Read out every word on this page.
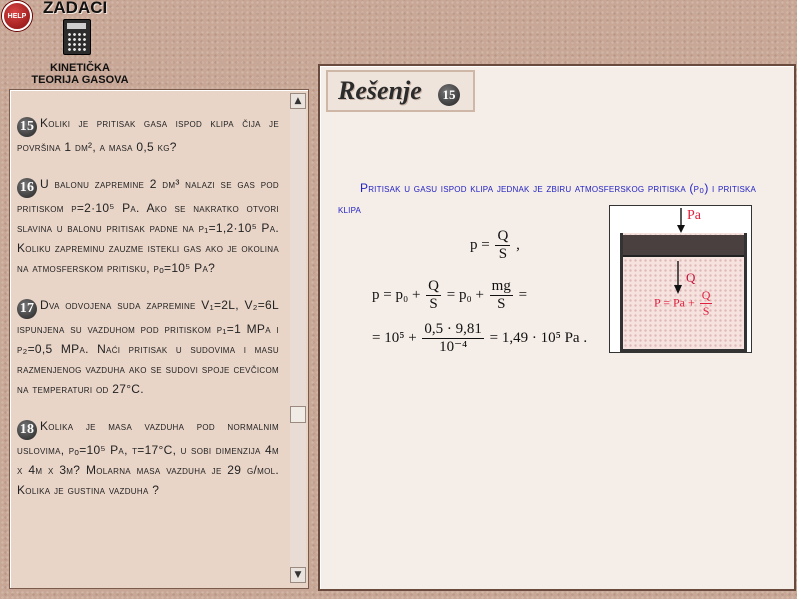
HELP ZADACI
KINETIČKA
TEORIJA GASOVA
15 Koliki je pritisak gasa ispod klipa čija je površina 1 dm², a masa 0,5 kg?
16 U balonu zapremine 2 dm³ nalazi se gas pod pritiskom p=2·10⁵ Pa. Ako se nakratko otvori slavina u balonu pritisak padne na p₁=1,2·10⁵ Pa. Koliku zapreminu zauzme istekli gas ako je okolina na atmosferskom pritisku, pₒ=10⁵ Pa?
17 Dva odvojena suda zapremine V₁=2L, V₂=6L ispunjena su vazduhom pod pritiskom p₁=1 MPa i p₂=0,5 MPa. Naći pritisak u sudovima i masu razmenjenog vazduha ako se sudovi spoje cevčicom na temperaturi od 27°C.
18 Kolika je masa vazduha pod normalnim uslovima, pₒ=10⁵ Pa, t=17°C, u sobi dimenzija 4m x 4m x 3m? Molarna masa vazduha je 29 g/mol. Kolika je gustina vazduha ?
▲
▼
Rešenje	15
Pritisak u gasu ispod klipa jednak je zbiru atmosferskog pritiska (p₀) i pritiska klipa
$p = \frac{Q}{S}$ ,
$p = p_0 + \frac{Q}{S} = p_0 + \frac{mg}{S}$ =
= $10^5 + \frac{0,5 \cdot 9,81}{\text{10⁻⁴}} = 1,49 \cdot 10^5$ Pa .
Pa
Q
$P = Pa + \frac{Q}{S}$
